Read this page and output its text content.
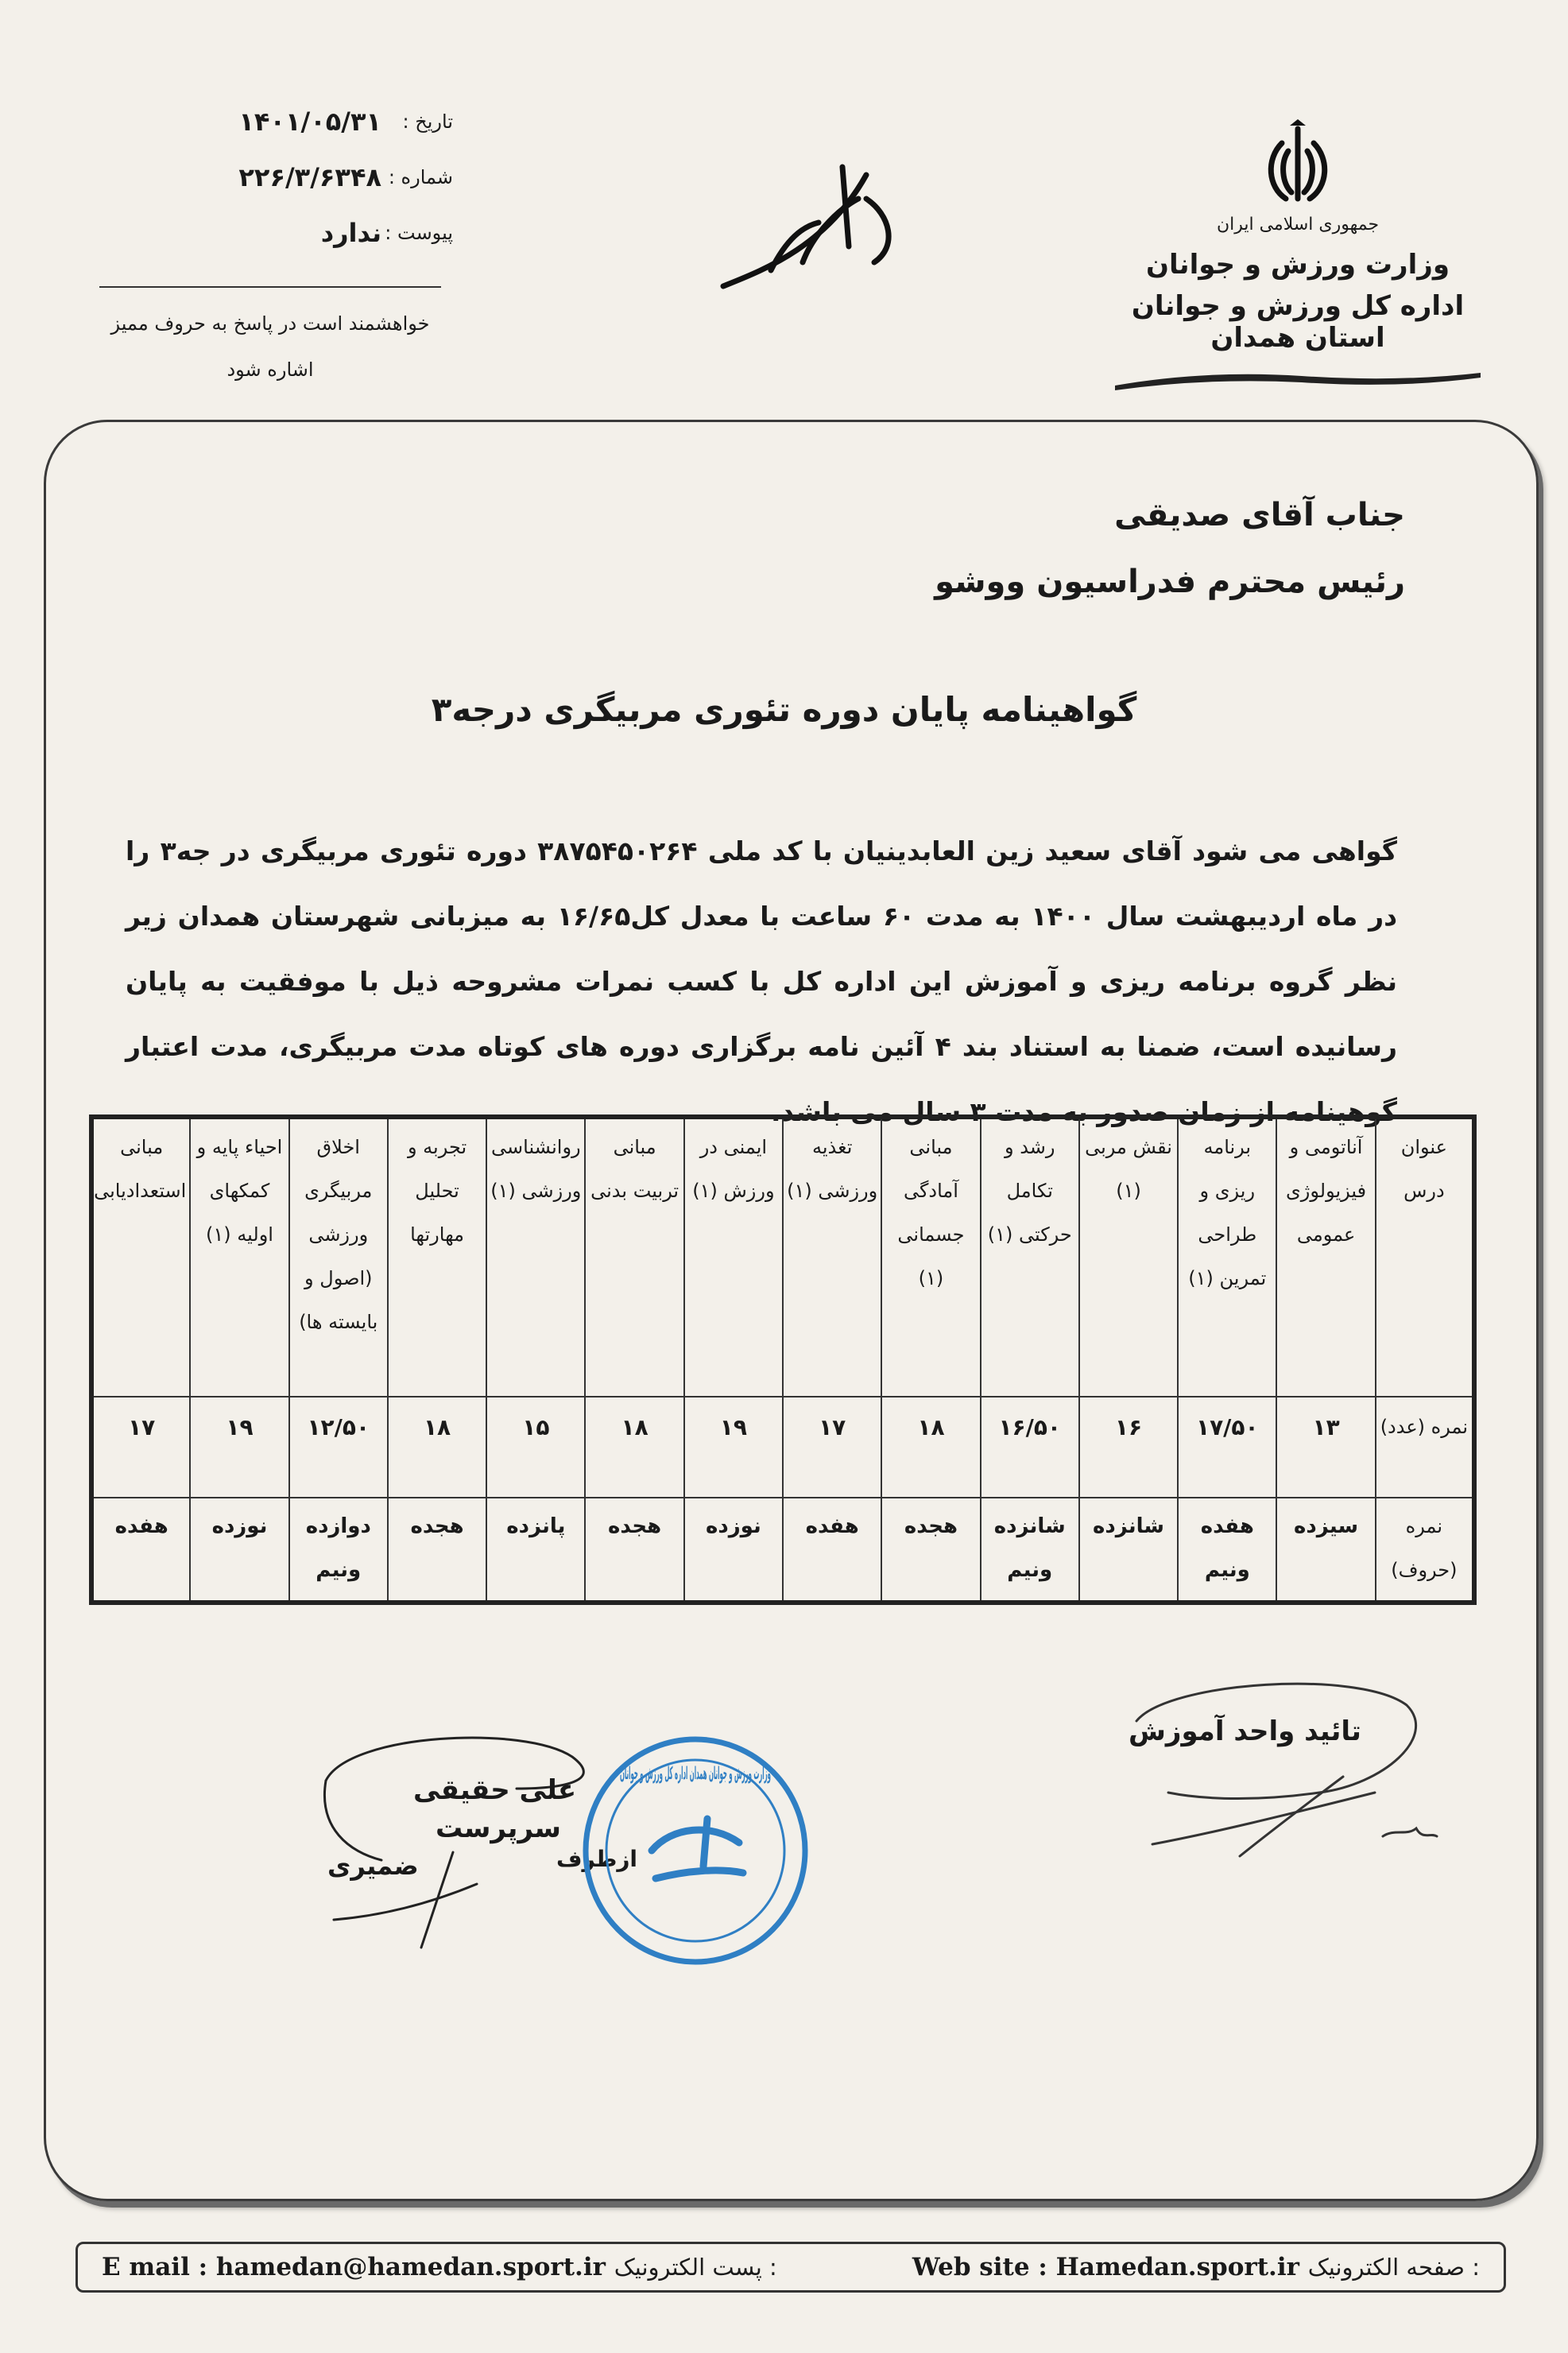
جمهوری اسلامی ایران
وزارت ورزش و جوانان
اداره کل ورزش و جوانان استان همدان
بسمه تعالی
تاریخ :
۱۴۰۱/۰۵/۳۱
شماره :
۲۲۶/۳/۶۳۴۸
پیوست :
ندارد
خواهشمند است در پاسخ به حروف ممیز
اشاره شود
جناب آقای صدیقی
رئیس محترم فدراسیون ووشو
گواهینامه پایان دوره تئوری مربیگری درجه۳
گواهی می شود آقای سعید زین العابدینیان با کد ملی ۳۸۷۵۴۵۰۲۶۴ دوره تئوری مربیگری در جه۳ را در ماه اردیبهشت سال ۱۴۰۰ به مدت ۶۰ ساعت با معدل کل۱۶/۶۵ به میزبانی شهرستان همدان زیر نظر گروه برنامه ریزی و آموزش این اداره کل با کسب نمرات مشروحه ذیل با موفقیت به پایان رسانیده است، ضمنا به استناد بند ۴ آئین نامه برگزاری دوره های کوتاه مدت مربیگری، مدت اعتبار گوهینامه از زمان صدور به مدت ۳ سال می باشد.
عنوان درس	آناتومی و فیزیولوژی عمومی	برنامه ریزی و طراحی تمرین (۱)	نقش مربی (۱)	رشد و تکامل حرکتی (۱)	مبانی آمادگی جسمانی (۱)	تغذیه ورزشی (۱)	ایمنی در ورزش (۱)	مبانی تربیت بدنی	روانشناسی ورزشی (۱)	تجربه و تحلیل مهارتها	اخلاق مربیگری ورزشی (اصول و بایسته ها)	احیاء پایه و کمکهای اولیه (۱)	مبانی استعدادیابی
نمره (عدد)	۱۳	۱۷/۵۰	۱۶	۱۶/۵۰	۱۸	۱۷	۱۹	۱۸	۱۵	۱۸	۱۲/۵۰	۱۹	۱۷
نمره (حروف)	سیزده	هفده ونیم	شانزده	شانزده ونیم	هجده	هفده	نوزده	هجده	پانزده	هجده	دوازده ونیم	نوزده	هفده
تائید واحد آموزش
علی حقیقی
سرپرست
ضمیری	ازطرف
وزارت ورزش و جوانان همدان اداره کل ورزش و جوانان
E mail : hamedan@hamedan.sport.ir پست الکترونیک :	Web site : Hamedan.sport.ir صفحه الکترونیک :
